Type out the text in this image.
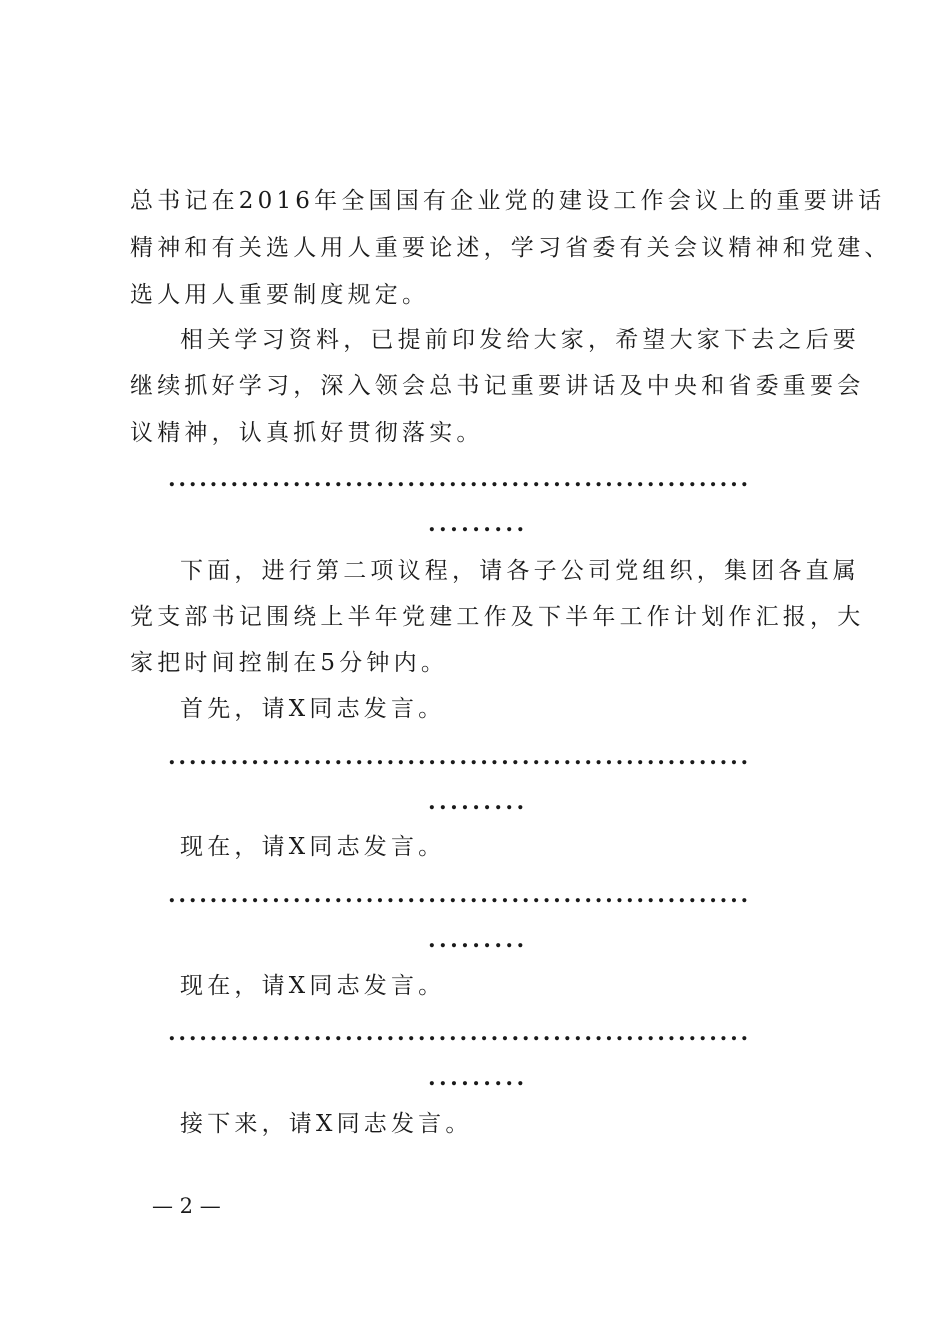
总书记在2016年全国国有企业党的建设工作会议上的重要讲话
精神和有关选人用人重要论述，学习省委有关会议精神和党建、
选人用人重要制度规定。
相关学习资料，已提前印发给大家，希望大家下去之后要
继续抓好学习，深入领会总书记重要讲话及中央和省委重要会
议精神，认真抓好贯彻落实。
........................................................
.........
下面，进行第二项议程，请各子公司党组织，集团各直属
党支部书记围绕上半年党建工作及下半年工作计划作汇报，大
家把时间控制在5分钟内。
首先，请X同志发言。
........................................................
.........
现在，请X同志发言。
........................................................
.........
现在，请X同志发言。
........................................................
.........
接下来，请X同志发言。
— 2 —
